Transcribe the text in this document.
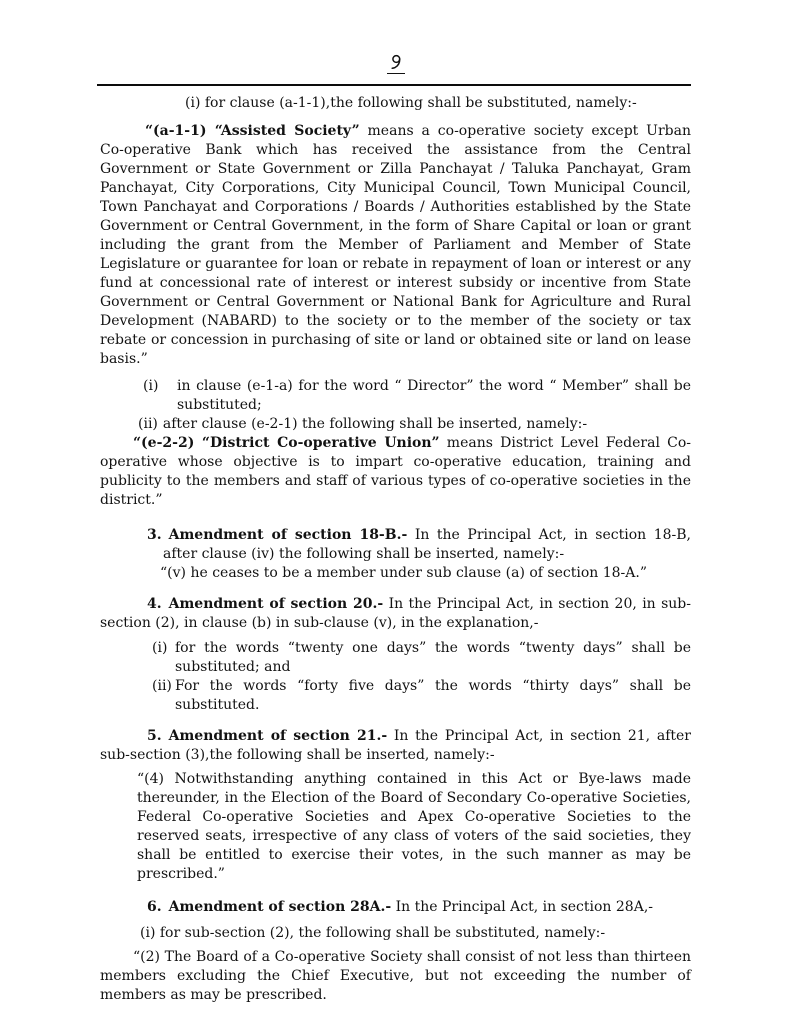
(i) for clause (a-1-1),the following shall be substituted, namely:-

“(a-1-1) “Assisted Society” means a co-operative society except Urban Co-operative Bank which has received the assistance from the Central Government or State Government or Zilla Panchayat / Taluka Panchayat, Gram Panchayat, City Corporations, City Municipal Council, Town Municipal Council, Town Panchayat and Corporations / Boards / Authorities established by the State Government or Central Government, in the form of Share Capital or loan or grant including the grant from the Member of Parliament and Member of State Legislature or guarantee for loan or rebate in repayment of loan or interest or any fund at concessional rate of interest or interest subsidy or incentive from State Government or Central Government or National Bank for Agriculture and Rural Development (NABARD) to the society or to the member of the society or tax rebate or concession in purchasing of site or land or obtained site or land on lease basis.”

(i) in clause (e-1-a) for the word “ Director” the word “ Member” shall be substituted;

(ii) after clause (e-2-1) the following shall be inserted, namely:-

“(e-2-2) “District Co-operative Union” means District Level Federal Co-operative whose objective is to impart co-operative education, training and publicity to the members and staff of various types of co-operative societies in the district.”

3. Amendment of section 18-B.- In the Principal Act, in section 18-B, after clause (iv) the following shall be inserted, namely:-

“(v) he ceases to be a member under sub clause (a) of section 18-A.”

4. Amendment of section 20.- In the Principal Act, in section 20, in sub-section (2), in clause (b) in sub-clause (v), in the explanation,-

(i) for the words “twenty one days” the words “twenty days” shall be substituted; and
(ii) For the words “forty five days” the words “thirty days” shall be substituted.

5. Amendment of section 21.- In the Principal Act, in section 21, after sub-section (3),the following shall be inserted, namely:-

“(4) Notwithstanding anything contained in this Act or Bye-laws made thereunder, in the Election of the Board of Secondary Co-operative Societies, Federal Co-operative Societies and Apex Co-operative Societies to the reserved seats, irrespective of any class of voters of the said societies, they shall be entitled to exercise their votes, in the such manner as may be prescribed.”

6. Amendment of section 28A.- In the Principal Act, in section 28A,-

(i) for sub-section (2), the following shall be substituted, namely:-

“(2) The Board of a Co-operative Society shall consist of not less than thirteen members excluding the Chief Executive, but not exceeding the number of members as may be prescribed.
